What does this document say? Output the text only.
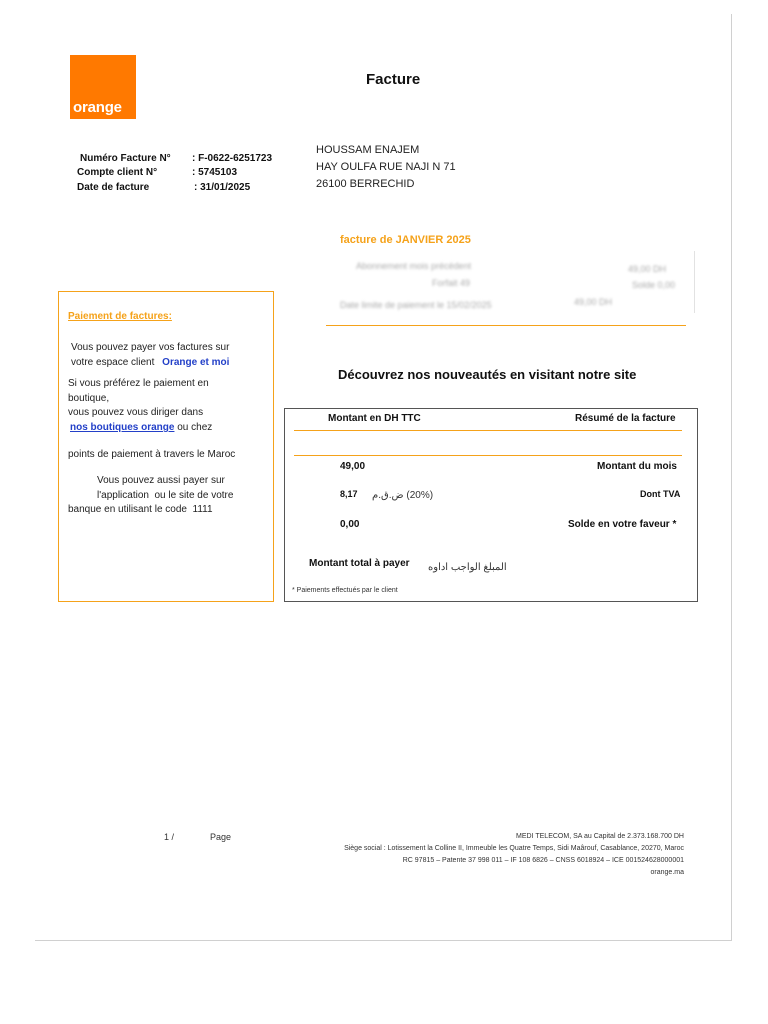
orange
Facture
Numéro Facture N° : F-0622-6251723
Compte client N°	: 5745103
Date de facture	: 31/01/2025
HOUSSAM ENAJEM
HAY OULFA RUE NAJI N 71
26100 BERRECHID
facture de JANVIER 2025
Abonnement mois précédent	49,00 DH
Forfait 49	Solde 0,00
Date limite de paiement le 15/02/2025	49,00 DH
Paiement de factures:
Vous pouvez payer vos factures sur
votre espace client Orange et moi
Si vous préférez le paiement en
boutique,
vous pouvez vous diriger dans
nos boutiques orange ou chez
points de paiement à travers le Maroc
Vous pouvez aussi payer sur
l'application  ou le site de votre
banque en utilisant le code  1111
Découvrez nos nouveautés en visitant notre site
Montant en DH TTC	Résumé de la facture
49,00	Montant du mois
8,17 (20%) ض.ق.م	Dont TVA
0,00	Solde en votre faveur *
Montant total à payer المبلغ الواجب اداوه
* Paiements effectués par le client
1 /	Page	MEDI TELECOM, SA au Capital de 2.373.168.700 DH
Siège social : Lotissement la Colline II, Immeuble les Quatre Temps, Sidi Maârouf, Casablance, 20270, Maroc
RC 97815 – Patente 37 998 011 – IF 108 6826 – CNSS 6018924 – ICE 001524628000001
orange.ma
